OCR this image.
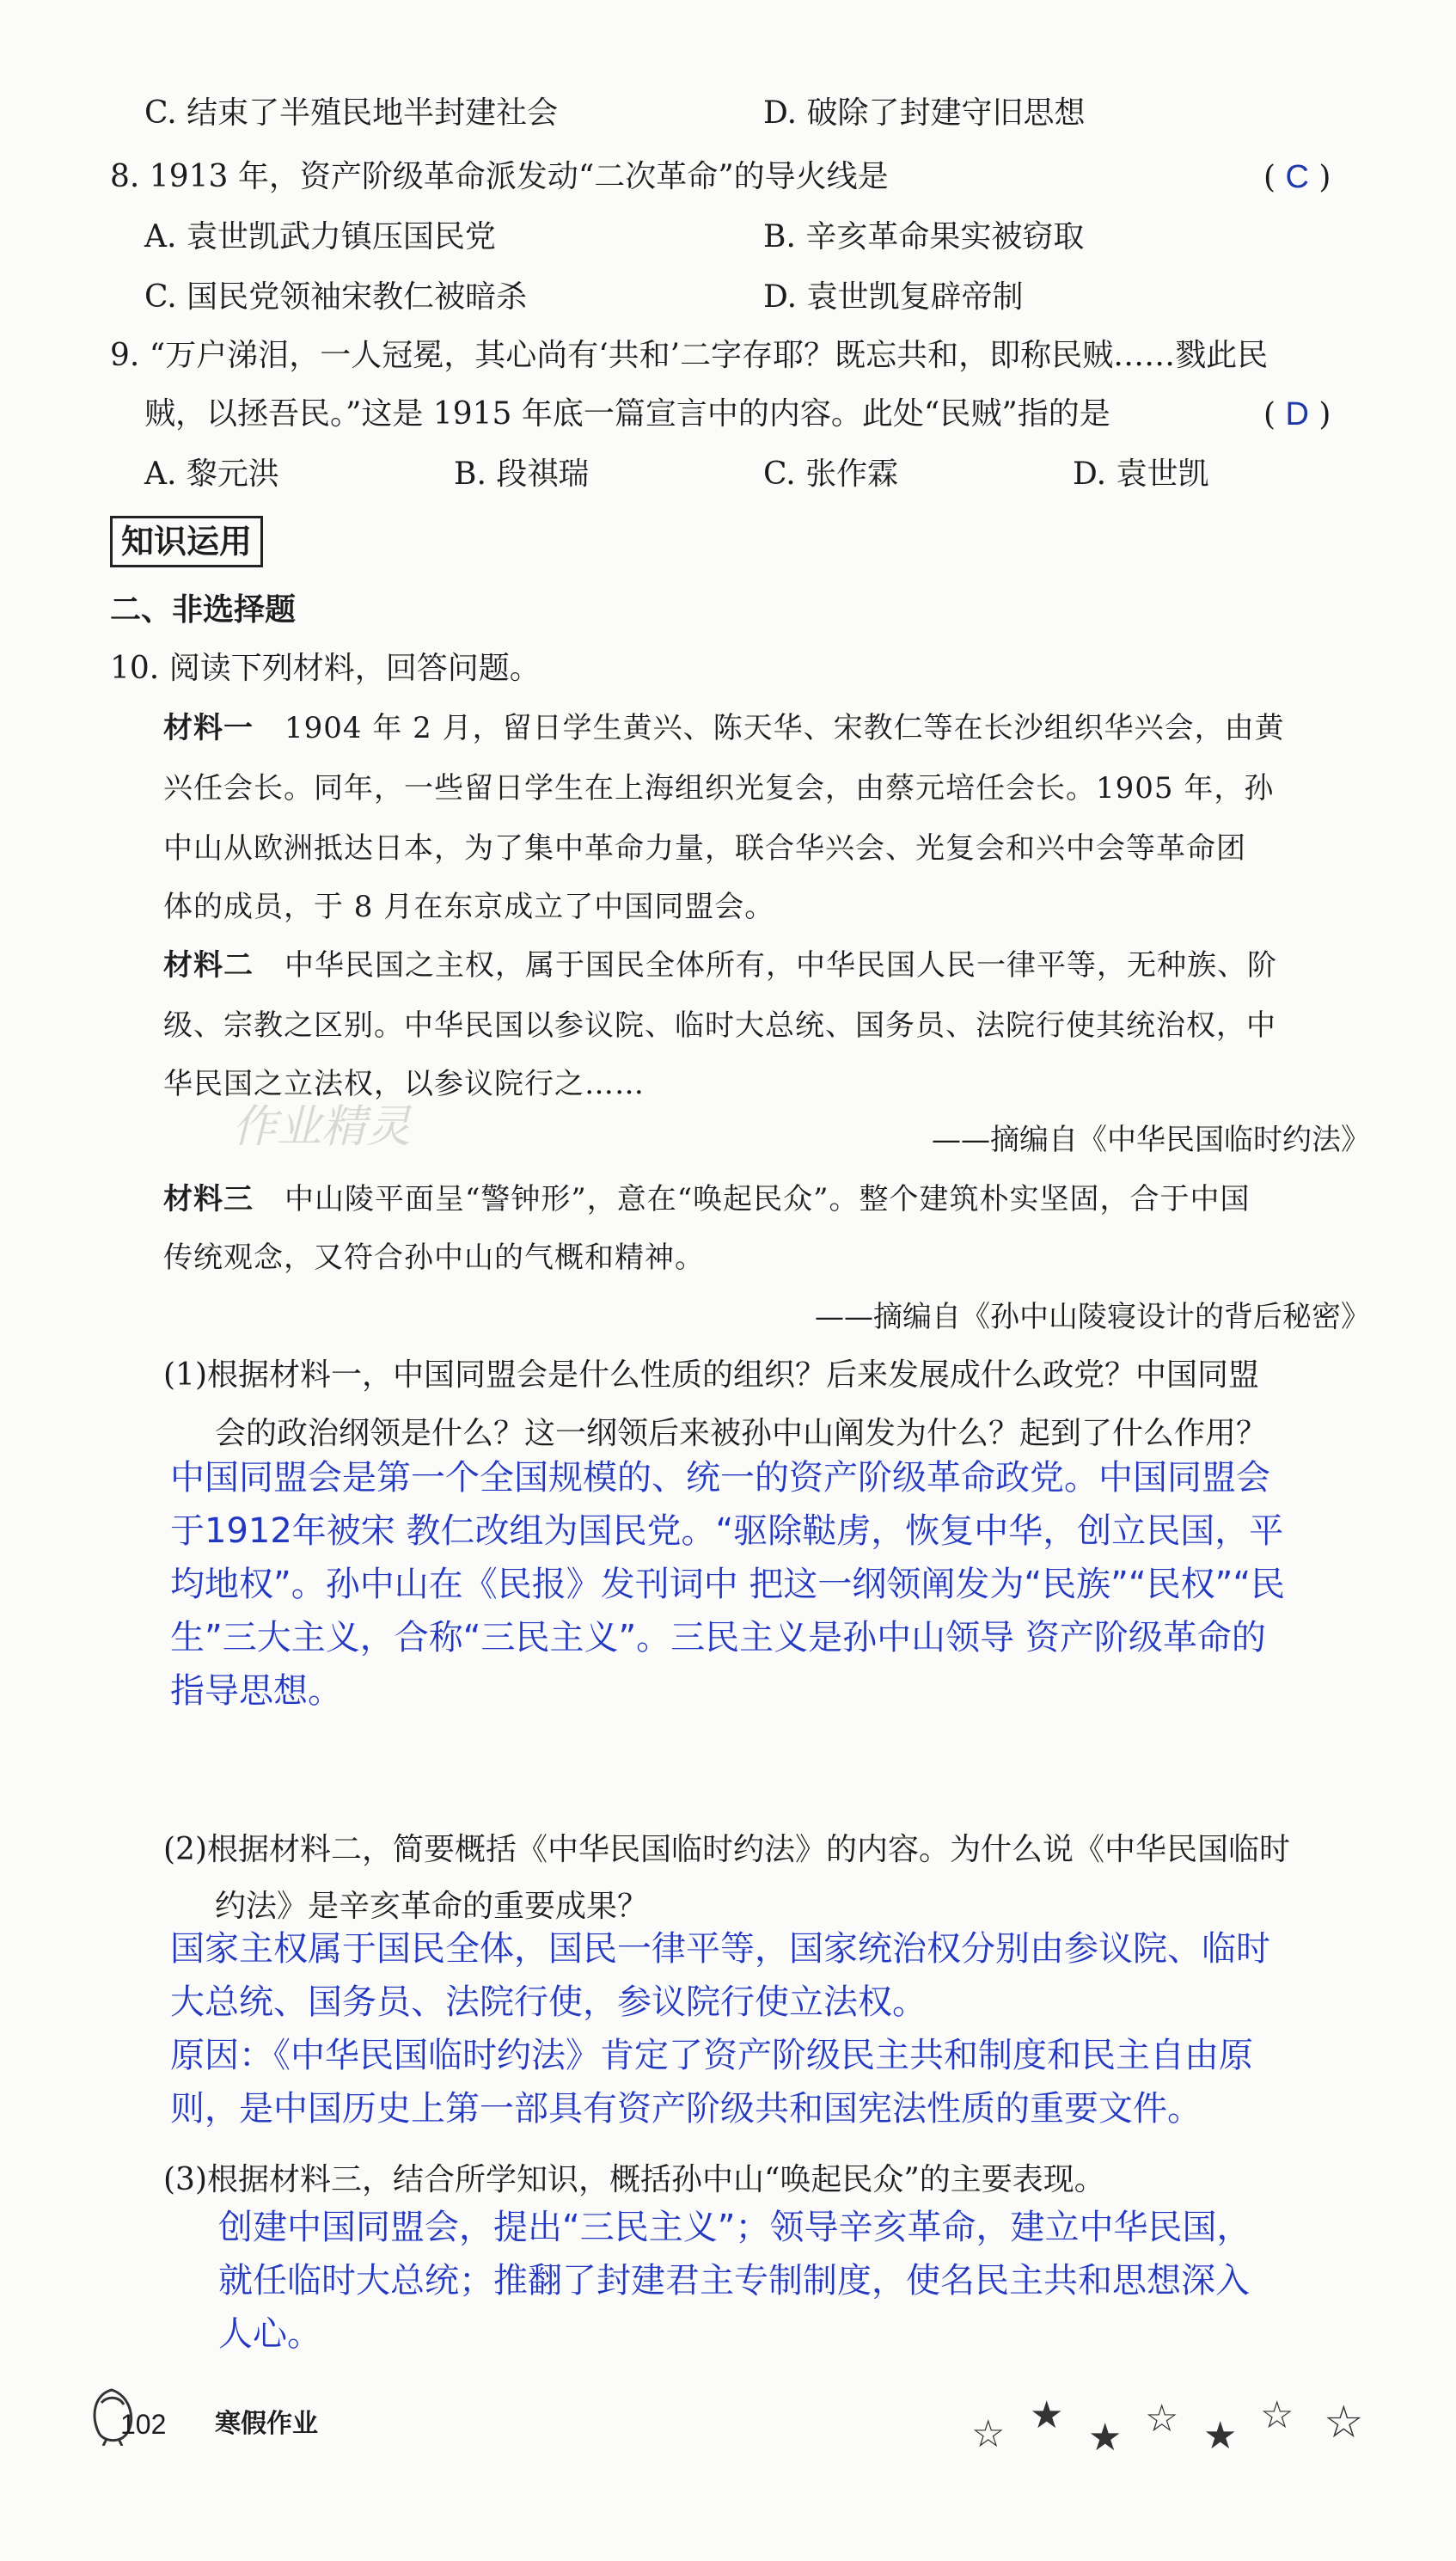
C. 结束了半殖民地半封建社会	D. 破除了封建守旧思想
8. 1913 年，资产阶级革命派发动“二次革命”的导火线是	( C )
A. 袁世凯武力镇压国民党	B. 辛亥革命果实被窃取
C. 国民党领袖宋教仁被暗杀	D. 袁世凯复辟帝制
9. “万户涕泪，一人冠冕，其心尚有‘共和’二字存耶？既忘共和，即称民贼……戮此民
贼，以拯吾民。”这是 1915 年底一篇宣言中的内容。此处“民贼”指的是	( D )
A. 黎元洪	B. 段祺瑞	C. 张作霖	D. 袁世凯
知识运用
二、非选择题
10. 阅读下列材料，回答问题。
材料一 1904 年 2 月，留日学生黄兴、陈天华、宋教仁等在长沙组织华兴会，由黄
兴任会长。同年，一些留日学生在上海组织光复会，由蔡元培任会长。1905 年，孙
中山从欧洲抵达日本，为了集中革命力量，联合华兴会、光复会和兴中会等革命团
体的成员，于 8 月在东京成立了中国同盟会。
材料二 中华民国之主权，属于国民全体所有，中华民国人民一律平等，无种族、阶
级、宗教之区别。中华民国以参议院、临时大总统、国务员、法院行使其统治权，中
华民国之立法权，以参议院行之……
——摘编自《中华民国临时约法》
作业精灵
材料三 中山陵平面呈“警钟形”，意在“唤起民众”。整个建筑朴实坚固，合于中国
传统观念，又符合孙中山的气概和精神。
——摘编自《孙中山陵寝设计的背后秘密》
(1)根据材料一，中国同盟会是什么性质的组织？后来发展成什么政党？中国同盟
会的政治纲领是什么？这一纲领后来被孙中山阐发为什么？起到了什么作用？
中国同盟会是第一个全国规模的、统一的资产阶级革命政党。中国同盟会
于1912年被宋 教仁改组为国民党。“驱除鞑虏，恢复中华，创立民国，平
均地权”。孙中山在《民报》发刊词中 把这一纲领阐发为“民族”“民权”“民
生”三大主义，合称“三民主义”。三民主义是孙中山领导 资产阶级革命的
指导思想。
(2)根据材料二，简要概括《中华民国临时约法》的内容。为什么说《中华民国临时
约法》是辛亥革命的重要成果？
国家主权属于国民全体，国民一律平等，国家统治权分别由参议院、临时
大总统、国务员、法院行使，参议院行使立法权。
原因：《中华民国临时约法》肯定了资产阶级民主共和制度和民主自由原
则，是中国历史上第一部具有资产阶级共和国宪法性质的重要文件。
(3)根据材料三，结合所学知识，概括孙中山“唤起民众”的主要表现。
创建中国同盟会，提出“三民主义”；领导辛亥革命，建立中华民国，
就任临时大总统；推翻了封建君主专制制度，使名民主共和思想深入
人心。
102 寒假作业	☆ ★
★ ☆ ★ ☆ ☆
